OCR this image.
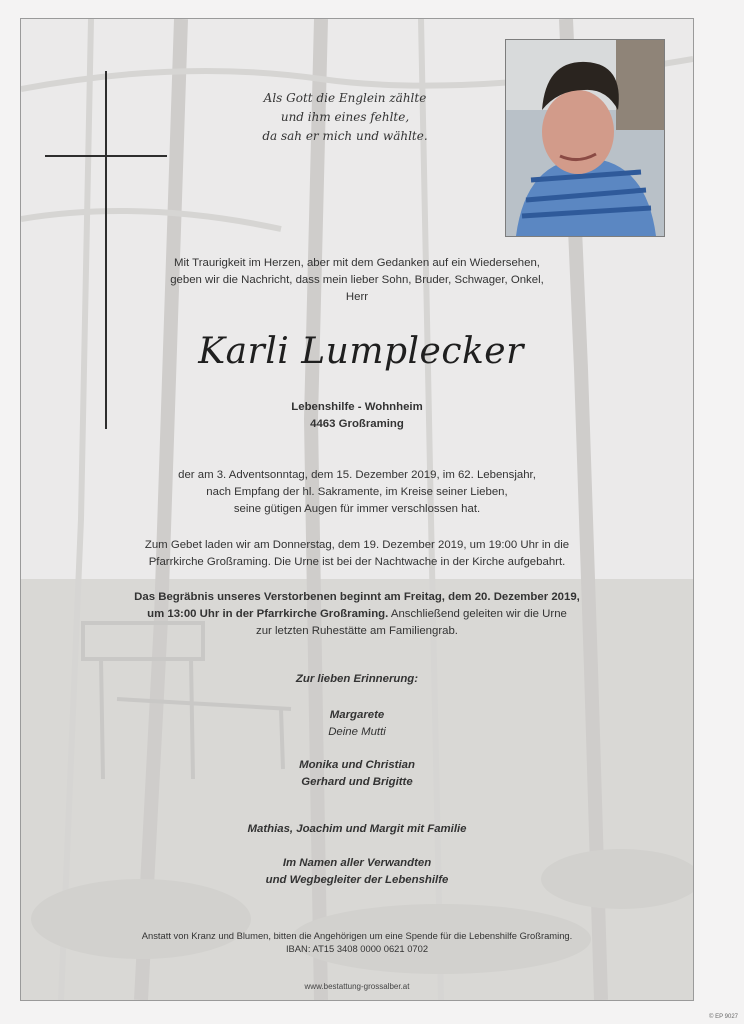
Als Gott die Englein zählte
und ihm eines fehlte,
da sah er mich und wählte.
Mit Traurigkeit im Herzen, aber mit dem Gedanken auf ein Wiedersehen,
geben wir die Nachricht, dass mein lieber Sohn, Bruder, Schwager, Onkel,
Herr
Karli Lumplecker
Lebenshilfe - Wohnheim
4463 Großraming
der am 3. Adventsonntag, dem 15. Dezember 2019, im 62. Lebensjahr,
nach Empfang der hl. Sakramente, im Kreise seiner Lieben,
seine gütigen Augen für immer verschlossen hat.
Zum Gebet laden wir am Donnerstag, dem 19. Dezember 2019, um 19:00 Uhr in die
Pfarrkirche Großraming. Die Urne ist bei der Nachtwache in der Kirche aufgebahrt.
Das Begräbnis unseres Verstorbenen beginnt am Freitag, dem 20. Dezember 2019,
um 13:00 Uhr in der Pfarrkirche Großraming. Anschließend geleiten wir die Urne
zur letzten Ruhestätte am Familiengrab.
Zur lieben Erinnerung:
Margarete
Deine Mutti
Monika und Christian
Gerhard und Brigitte
Mathias, Joachim und Margit mit Familie
Im Namen aller Verwandten
und Wegbegleiter der Lebenshilfe
Anstatt von Kranz und Blumen, bitten die Angehörigen um eine Spende für die Lebenshilfe Großraming.
IBAN: AT15 3408 0000 0621 0702
www.bestattung-grossalber.at
© EP 9027
